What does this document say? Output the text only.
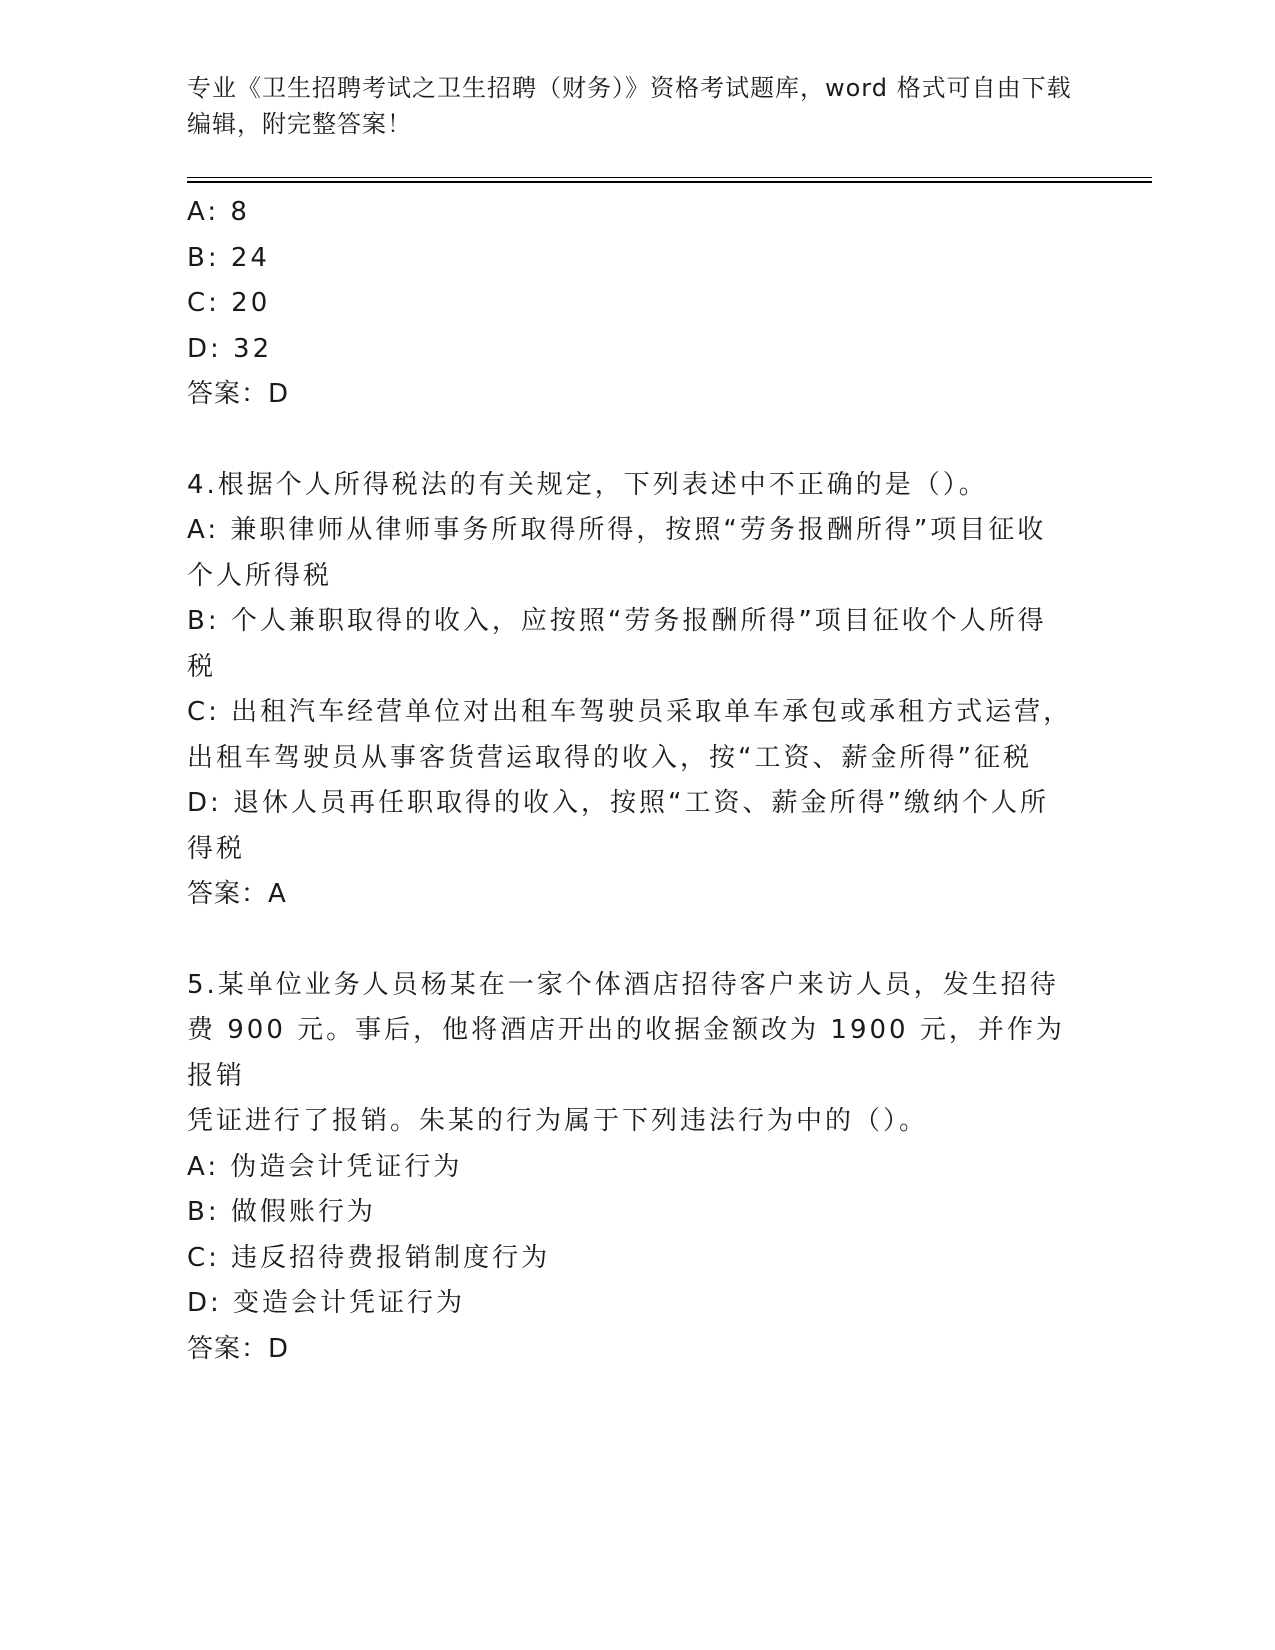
专业《卫生招聘考试之卫生招聘（财务）》资格考试题库，word 格式可自由下载
编辑，附完整答案！

A: 8

B: 24

C: 20

D: 32

答案：D

4.根据个人所得税法的有关规定，下列表述中不正确的是（）。

A: 兼职律师从律师事务所取得所得，按照“劳务报酬所得”项目征收

个人所得税

B: 个人兼职取得的收入，应按照“劳务报酬所得”项目征收个人所得

税

C: 出租汽车经营单位对出租车驾驶员采取单车承包或承租方式运营，

出租车驾驶员从事客货营运取得的收入，按“工资、薪金所得”征税

D: 退休人员再任职取得的收入，按照“工资、薪金所得”缴纳个人所

得税

答案：A

5.某单位业务人员杨某在一家个体酒店招待客户来访人员，发生招待

费 900 元。事后，他将酒店开出的收据金额改为 1900 元，并作为报销

凭证进行了报销。朱某的行为属于下列违法行为中的（）。

A: 伪造会计凭证行为

B: 做假账行为

C: 违反招待费报销制度行为

D: 变造会计凭证行为

答案：D
